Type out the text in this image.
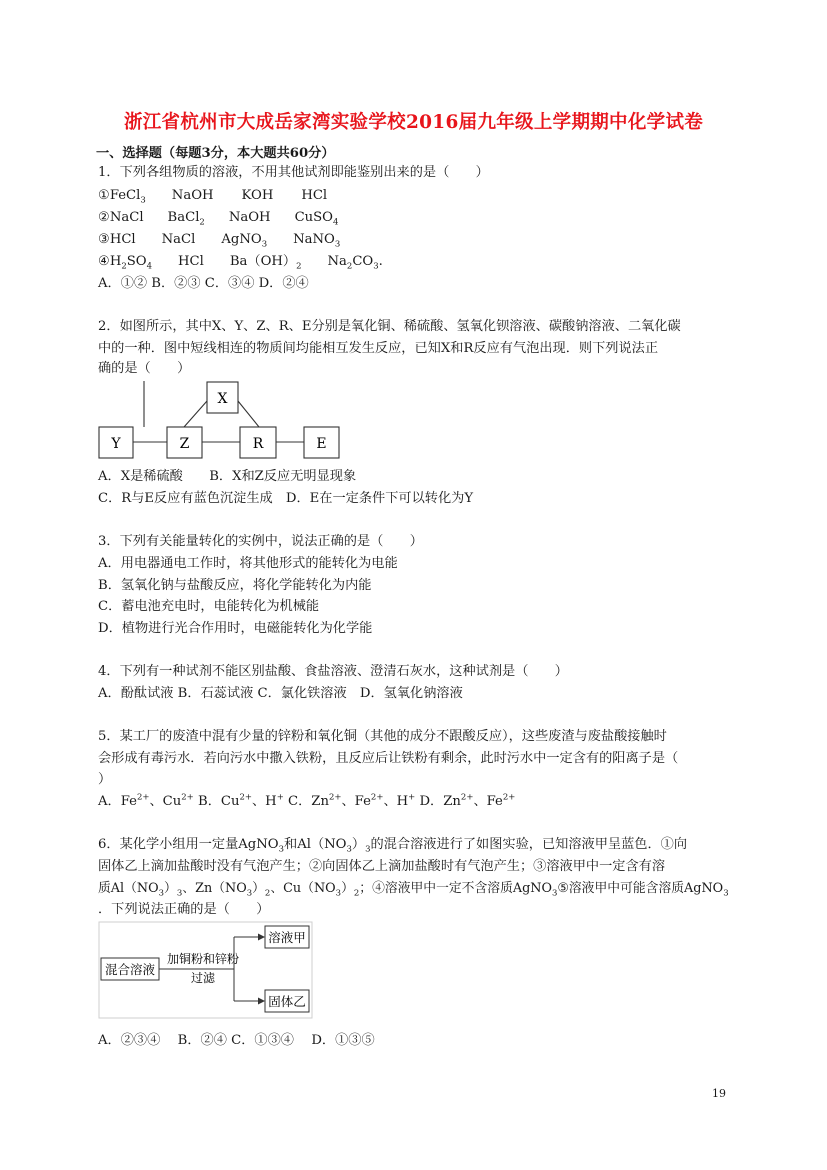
浙江省杭州市大成岳家湾实验学校2016届九年级上学期期中化学试卷
一、选择题（每题3分，本大题共60分）
1．下列各组物质的溶液，不用其他试剂即能鉴别出来的是（　　）
①FeCl$_3$ NaOH KOH HCl
②NaCl BaCl$_2$ NaOH CuSO$_4$
③HCl NaCl AgNO$_3$ NaNO$_3$
$④H_2SO_4$ HCl $Ba(OH)_2$ $Na_2CO_3$.
A．①② B．②③ C．③④ D．②④
2．如图所示，其中X、Y、Z、R、E分别是氧化铜、稀硫酸、氢氧化钡溶液、碳酸钠溶液、二氧化碳
中的一种．图中短线相连的物质间均能相互发生反应，已知X和R反应有气泡出现．则下列说法正
确的是（　　）
X
Y	Z	R	E
A．X是稀硫酸　　B．X和Z反应无明显现象
C．R与E反应有蓝色沉淀生成　D．E在一定条件下可以转化为Y
3．下列有关能量转化的实例中，说法正确的是（　　）
A．用电器通电工作时，将其他形式的能转化为电能
B．氢氧化钠与盐酸反应，将化学能转化为内能
C．蓄电池充电时，电能转化为机械能
D．植物进行光合作用时，电磁能转化为化学能
4．下列有一种试剂不能区别盐酸、食盐溶液、澄清石灰水，这种试剂是（　　）
A．酚酞试液 B．石蕊试液 C．氯化铁溶液　D．氢氧化钠溶液
5．某工厂的废渣中混有少量的锌粉和氧化铜（其他的成分不跟酸反应），这些废渣与废盐酸接触时
会形成有毒污水．若向污水中撒入铁粉，且反应后让铁粉有剩余，此时污水中一定含有的阳离子是（
）
A．$Fe^{2+}$、$Cu^{2+}$ B．$Cu^{2+}$、H+ C．$Zn^{2+}$、$Fe^{2+}$、H+ D．$Zn^{2+}$、$Fe^{2+}$
6．某化学小组用一定量AgNO$_3$和$Al(NO_3)_3$的混合溶液进行了如图实验，已知溶液甲呈蓝色．①向
固体乙上滴加盐酸时没有气泡产生；②向固体乙上滴加盐酸时有气泡产生；③溶液甲中一定含有溶
质$Al(NO_3)_3$、$Zn(NO_3)_2$、$Cu(NO_3)_2$；④溶液甲中一定不含溶质AgNO$_3$⑤溶液甲中可能含溶质AgNO$_3$
．下列说法正确的是（　　）
混合溶液
加铜粉和锌粉
过滤
溶液甲
固体乙
A．②③④　 B．②④ C．①③④　 D．①③⑤
19
